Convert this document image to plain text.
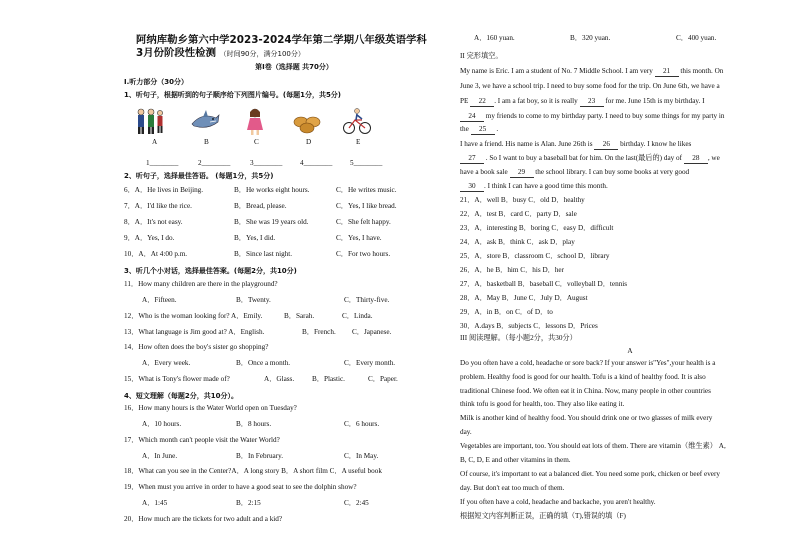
阿纳库勒乡第六中学2023-2024学年第二学期八年级英语学科
3月份阶段性检测 （时间90分，满分100分）
第I卷（选择题 共70分）
I.听力部分（30分）
1、听句子，根据听到的句子顺序给下列图片编号。(每题1分，共5分)
A	B	C	D	E
1________	2________	3________ 4________ 5________
2、听句子，选择最佳答语。 (每题1分，共5分)
6．A．He lives in Beijing.	B．He works eight hours.	C．He writes music.
7．A．I'd like the rice.	B．Bread, please.	C．Yes, I like bread.
8．A．It's not easy.	B．She was 19 years old.	C．She felt happy.
9．A．Yes, I do.	B．Yes, I did.	C．Yes, I have.
10．A．At 4:00 p.m.	B．Since last night.	C．For two hours.
3、听几个小对话，选择最佳答案。(每题2分，共10分)
11．How many children are there in the playground?
A．Fifteen.	B．Twenty.	C．Thirty-five.
12．Who is the woman looking for? A．Emily.	B．Sarah.	C．Linda.
13．What language is Jim good at? A．English.	B．French. C．Japanese.
14．How often does the boy's sister go shopping?
A．Every week.	B．Once a month.	C．Every month.
15．What is Tony's flower made of?	A．Glass. B．Plastic.	C．Paper.
4、短文理解（每题2分，共10分）。
16．How many hours is the Water World open on Tuesday?
A．10 hours.	B．8 hours.	C．6 hours.
17．Which month can't people visit the Water World?
A．In June.	B．In February.	C．In May.
18．What can you see in the Center?A．A long story B．A short film C．A useful book
19．When must you arrive in order to have a good seat to see the dolphin show?
A．1:45	B．2:15	C．2:45
20．How much are the tickets for two adult and a kid?
A．160 yuan.	B．320 yuan.	C．400 yuan.
II 完形填空。
My name is Eric. I am a student of No. 7 Middle School. I am very 21 this month. On
June 3, we have a school trip. I need to buy some food for the trip. On June 6th, we have a
PE 22 . I am a fat boy, so it is really 23 for me. June 15th is my birthday. I
24 my friends to come to my birthday party. I need to buy some things for my party in
the 25 .
I have a friend. His name is Alan. June 26th is 26 birthday. I know he likes
27 . So I want to buy a baseball bat for him. On the last(最后的) day of 28 , we
have a book sale 29 the school library. I can buy some books at very good
30 . I think I can have a good time this month.
21．A．well B．busy C．old D．healthy
22．A．test B．card C．party D．sale
23．A．interesting B．boring C．easy D．difficult
24．A．ask B．think C．ask D．play
25．A．store B．classroom C．school D．library
26．A．he B．him C．his D．her
27．A．basketball B．baseball C．volleyball D．tennis
28．A．May B．June C．July D．August
29．A．in B．on C．of D．to
30．A.days B．subjects C．lessons D．Prices
III 阅读理解。（每小题2分，共30分）
A
Do you often have a cold, headache or sore back? If your answer is"Yes",your health is a
problem. Healthy food is good for our health. Tofu is a kind of healthy food. It is also
traditional Chinese food. We often eat it in China. Now, many people in other countries
think tofu is good for health, too. They also like eating it.
Milk is another kind of healthy food. You should drink one or two glasses of milk every
day.
Vegetables are important, too. You should eat lots of them. There are vitamin（维生素） A,
B, C, D, E and other vitamins in them.
Of course, it's important to eat a balanced diet. You need some pork, chicken or beef every
day. But don't eat too much of them.
If you often have a cold, headache and backache, you aren't healthy.
根据短文内容判断正误，正确的填（T),错误的填（F)
